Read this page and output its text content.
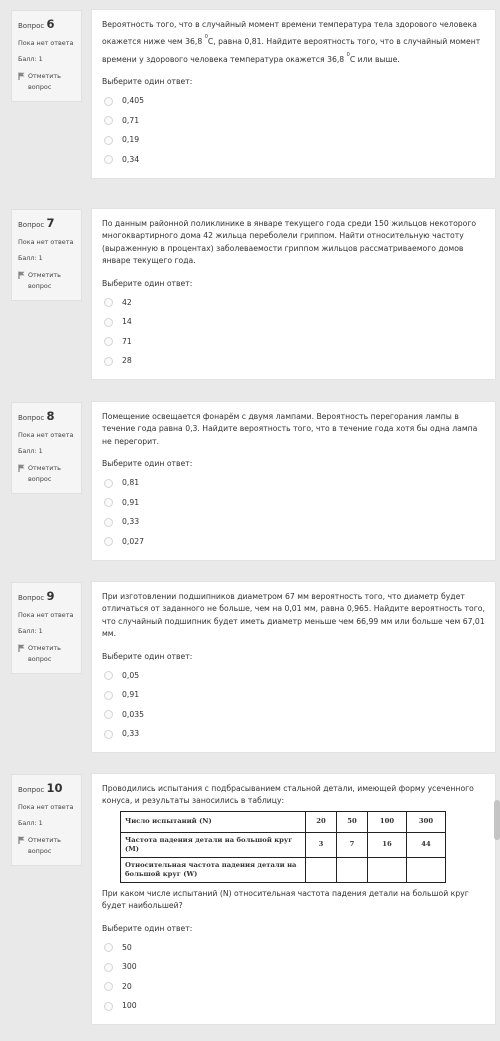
Вопрос 6
Пока нет ответа
Балл: 1
Отметить вопрос

Вероятность того, что в случайный момент времени температура тела здорового человека окажется ниже чем 36,8 $^0$C, равна 0,81. Найдите вероятность того, что в случайный момент времени у здорового человека температура окажется 36,8 $^0$C или выше.

Выберите один ответ:
0,405
0,71
0,19
0,34
Вопрос 7
Пока нет ответа
Балл: 1
Отметить вопрос
По данным районной поликлинике в январе текущего года среди 150 жильцов некоторого многоквартирного дома 42 жильца переболели гриппом. Найти относительную частоту (выраженную в процентах) заболеваемости гриппом жильцов рассматриваемого домов январе текущего года.
Выберите один ответ:
42
14
71
28
Вопрос 8
Пока нет ответа
Балл: 1
Отметить вопрос
Помещение освещается фонарём с двумя лампами. Вероятность перегорания лампы в течение года равна 0,3. Найдите вероятность того, что в течение года хотя бы одна лампа не перегорит.
Выберите один ответ:
0,81
0,91
0,33
0,027
Вопрос 9
Пока нет ответа
Балл: 1
Отметить вопрос
При изготовлении подшипников диаметром 67 мм вероятность того, что диаметр будет отличаться от заданного не больше, чем на 0,01 мм, равна 0,965. Найдите вероятность того, что случайный подшипник будет иметь диаметр меньше чем 66,99 мм или больше чем 67,01 мм.
Выберите один ответ:
0,05
0,91
0,035
0,33
Вопрос 10
Пока нет ответа
Балл: 1
Отметить вопрос
Проводились испытания с подбрасыванием стальной детали, имеющей форму усеченного конуса, и результаты заносились в таблицу:
Число испытаний (N)	20	50	100	300
Частота падения детали на большой круг (M)	3	7	16	44
Относительная частота падения детали на большой круг (W)				
При каком числе испытаний (N) относительная частота падения детали на большой круг будет наибольшей?
Выберите один ответ:
50
300
20
100
